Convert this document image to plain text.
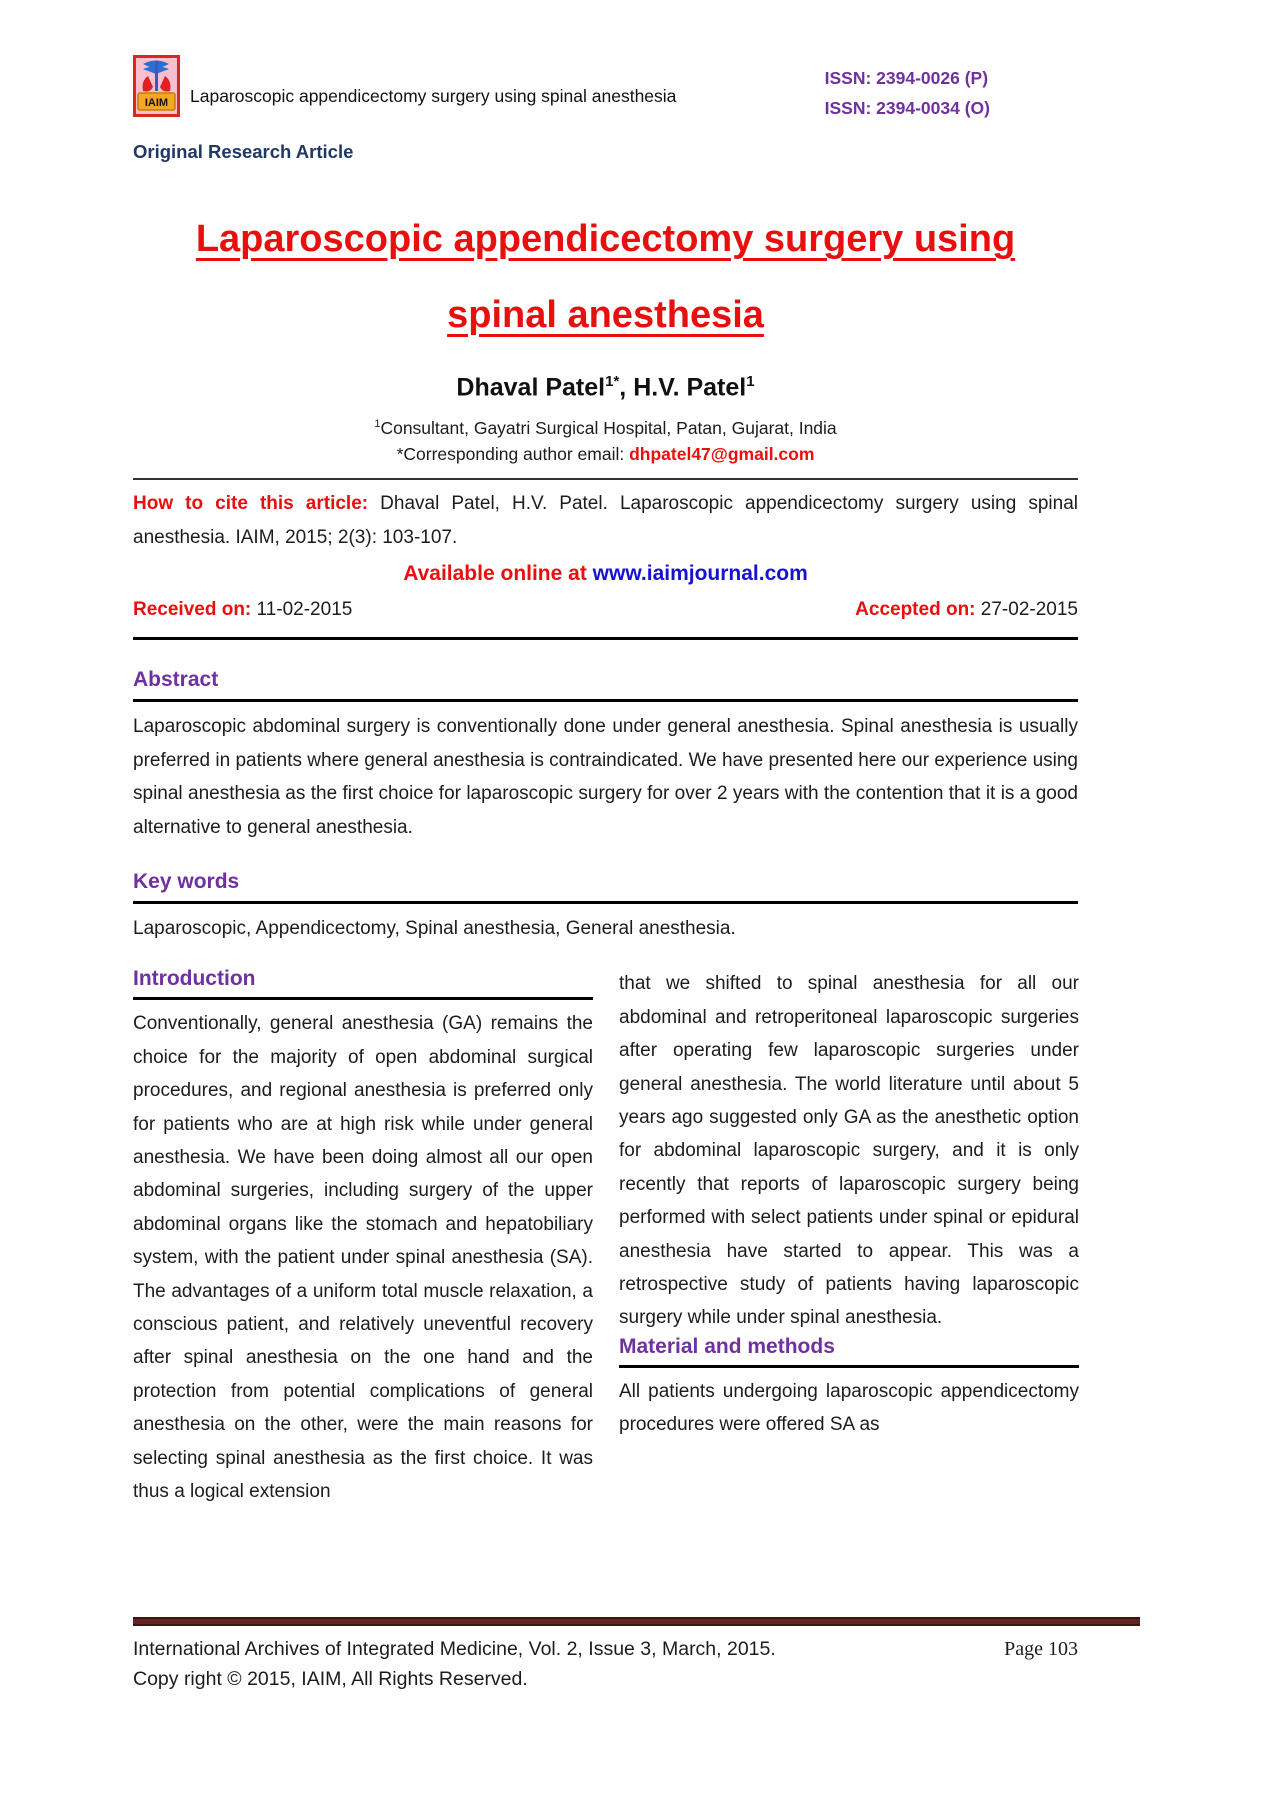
IAIM Laparoscopic appendicectomy surgery using spinal anesthesia
ISSN: 2394-0026 (P)
ISSN: 2394-0034 (O)
Original Research Article
Laparoscopic appendicectomy surgery using
spinal anesthesia
Dhaval Patel$^{1*}$, H.V. Patel$^1$
$^1$Consultant, Gayatri Surgical Hospital, Patan, Gujarat, India
*Corresponding author email: dhpatel47@gmail.com
How to cite this article: Dhaval Patel, H.V. Patel. Laparoscopic appendicectomy surgery using spinal anesthesia. IAIM, 2015; 2(3): 103-107.
Available online at www.iaimjournal.com
Received on: 11-02-2015	Accepted on: 27-02-2015
Abstract
Laparoscopic abdominal surgery is conventionally done under general anesthesia. Spinal anesthesia is usually preferred in patients where general anesthesia is contraindicated. We have presented here our experience using spinal anesthesia as the first choice for laparoscopic surgery for over 2 years with the contention that it is a good alternative to general anesthesia.
Key words
Laparoscopic, Appendicectomy, Spinal anesthesia, General anesthesia.
Introduction
Conventionally, general anesthesia (GA) remains the choice for the majority of open abdominal surgical procedures, and regional anesthesia is preferred only for patients who are at high risk while under general anesthesia. We have been doing almost all our open abdominal surgeries, including surgery of the upper abdominal organs like the stomach and hepatobiliary system, with the patient under spinal anesthesia (SA). The advantages of a uniform total muscle relaxation, a conscious patient, and relatively uneventful recovery after spinal anesthesia on the one hand and the protection from potential complications of general anesthesia on the other, were the main reasons for selecting spinal anesthesia as the first choice. It was thus a logical extension
that we shifted to spinal anesthesia for all our abdominal and retroperitoneal laparoscopic surgeries after operating few laparoscopic surgeries under general anesthesia. The world literature until about 5 years ago suggested only GA as the anesthetic option for abdominal laparoscopic surgery, and it is only recently that reports of laparoscopic surgery being performed with select patients under spinal or epidural anesthesia have started to appear. This was a retrospective study of patients having laparoscopic surgery while under spinal anesthesia.
Material and methods
All patients undergoing laparoscopic appendicectomy procedures were offered SA as
International Archives of Integrated Medicine, Vol. 2, Issue 3, March, 2015.	Page 103
Copy right © 2015, IAIM, All Rights Reserved.
